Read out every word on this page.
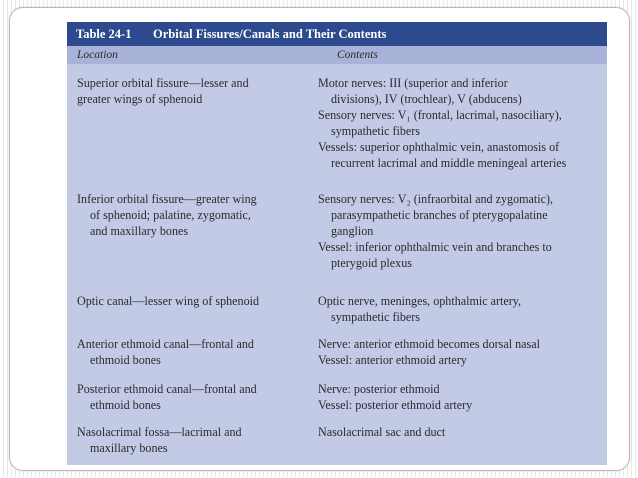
Table 24-1 Orbital Fissures/Canals and Their Contents
Location	Contents
Superior orbital fissure—lesser and
greater wings of sphenoid
Motor nerves: III (superior and inferior
divisions), IV (trochlear), V (abducens)
Sensory nerves: V₁ (frontal, lacrimal, nasociliary),
sympathetic fibers
Vessels: superior ophthalmic vein, anastomosis of
recurrent lacrimal and middle meningeal arteries
Inferior orbital fissure—greater wing
of sphenoid; palatine, zygomatic,
and maxillary bones
Sensory nerves: V₂ (infraorbital and zygomatic),
parasympathetic branches of pterygopalatine
ganglion
Vessel: inferior ophthalmic vein and branches to
pterygoid plexus
Optic canal—lesser wing of sphenoid	Optic nerve, meninges, ophthalmic artery,
sympathetic fibers
Anterior ethmoid canal—frontal and
ethmoid bones
Nerve: anterior ethmoid becomes dorsal nasal
Vessel: anterior ethmoid artery
Posterior ethmoid canal—frontal and
ethmoid bones
Nerve: posterior ethmoid
Vessel: posterior ethmoid artery
Nasolacrimal fossa—lacrimal and
maxillary bones
Nasolacrimal sac and duct
